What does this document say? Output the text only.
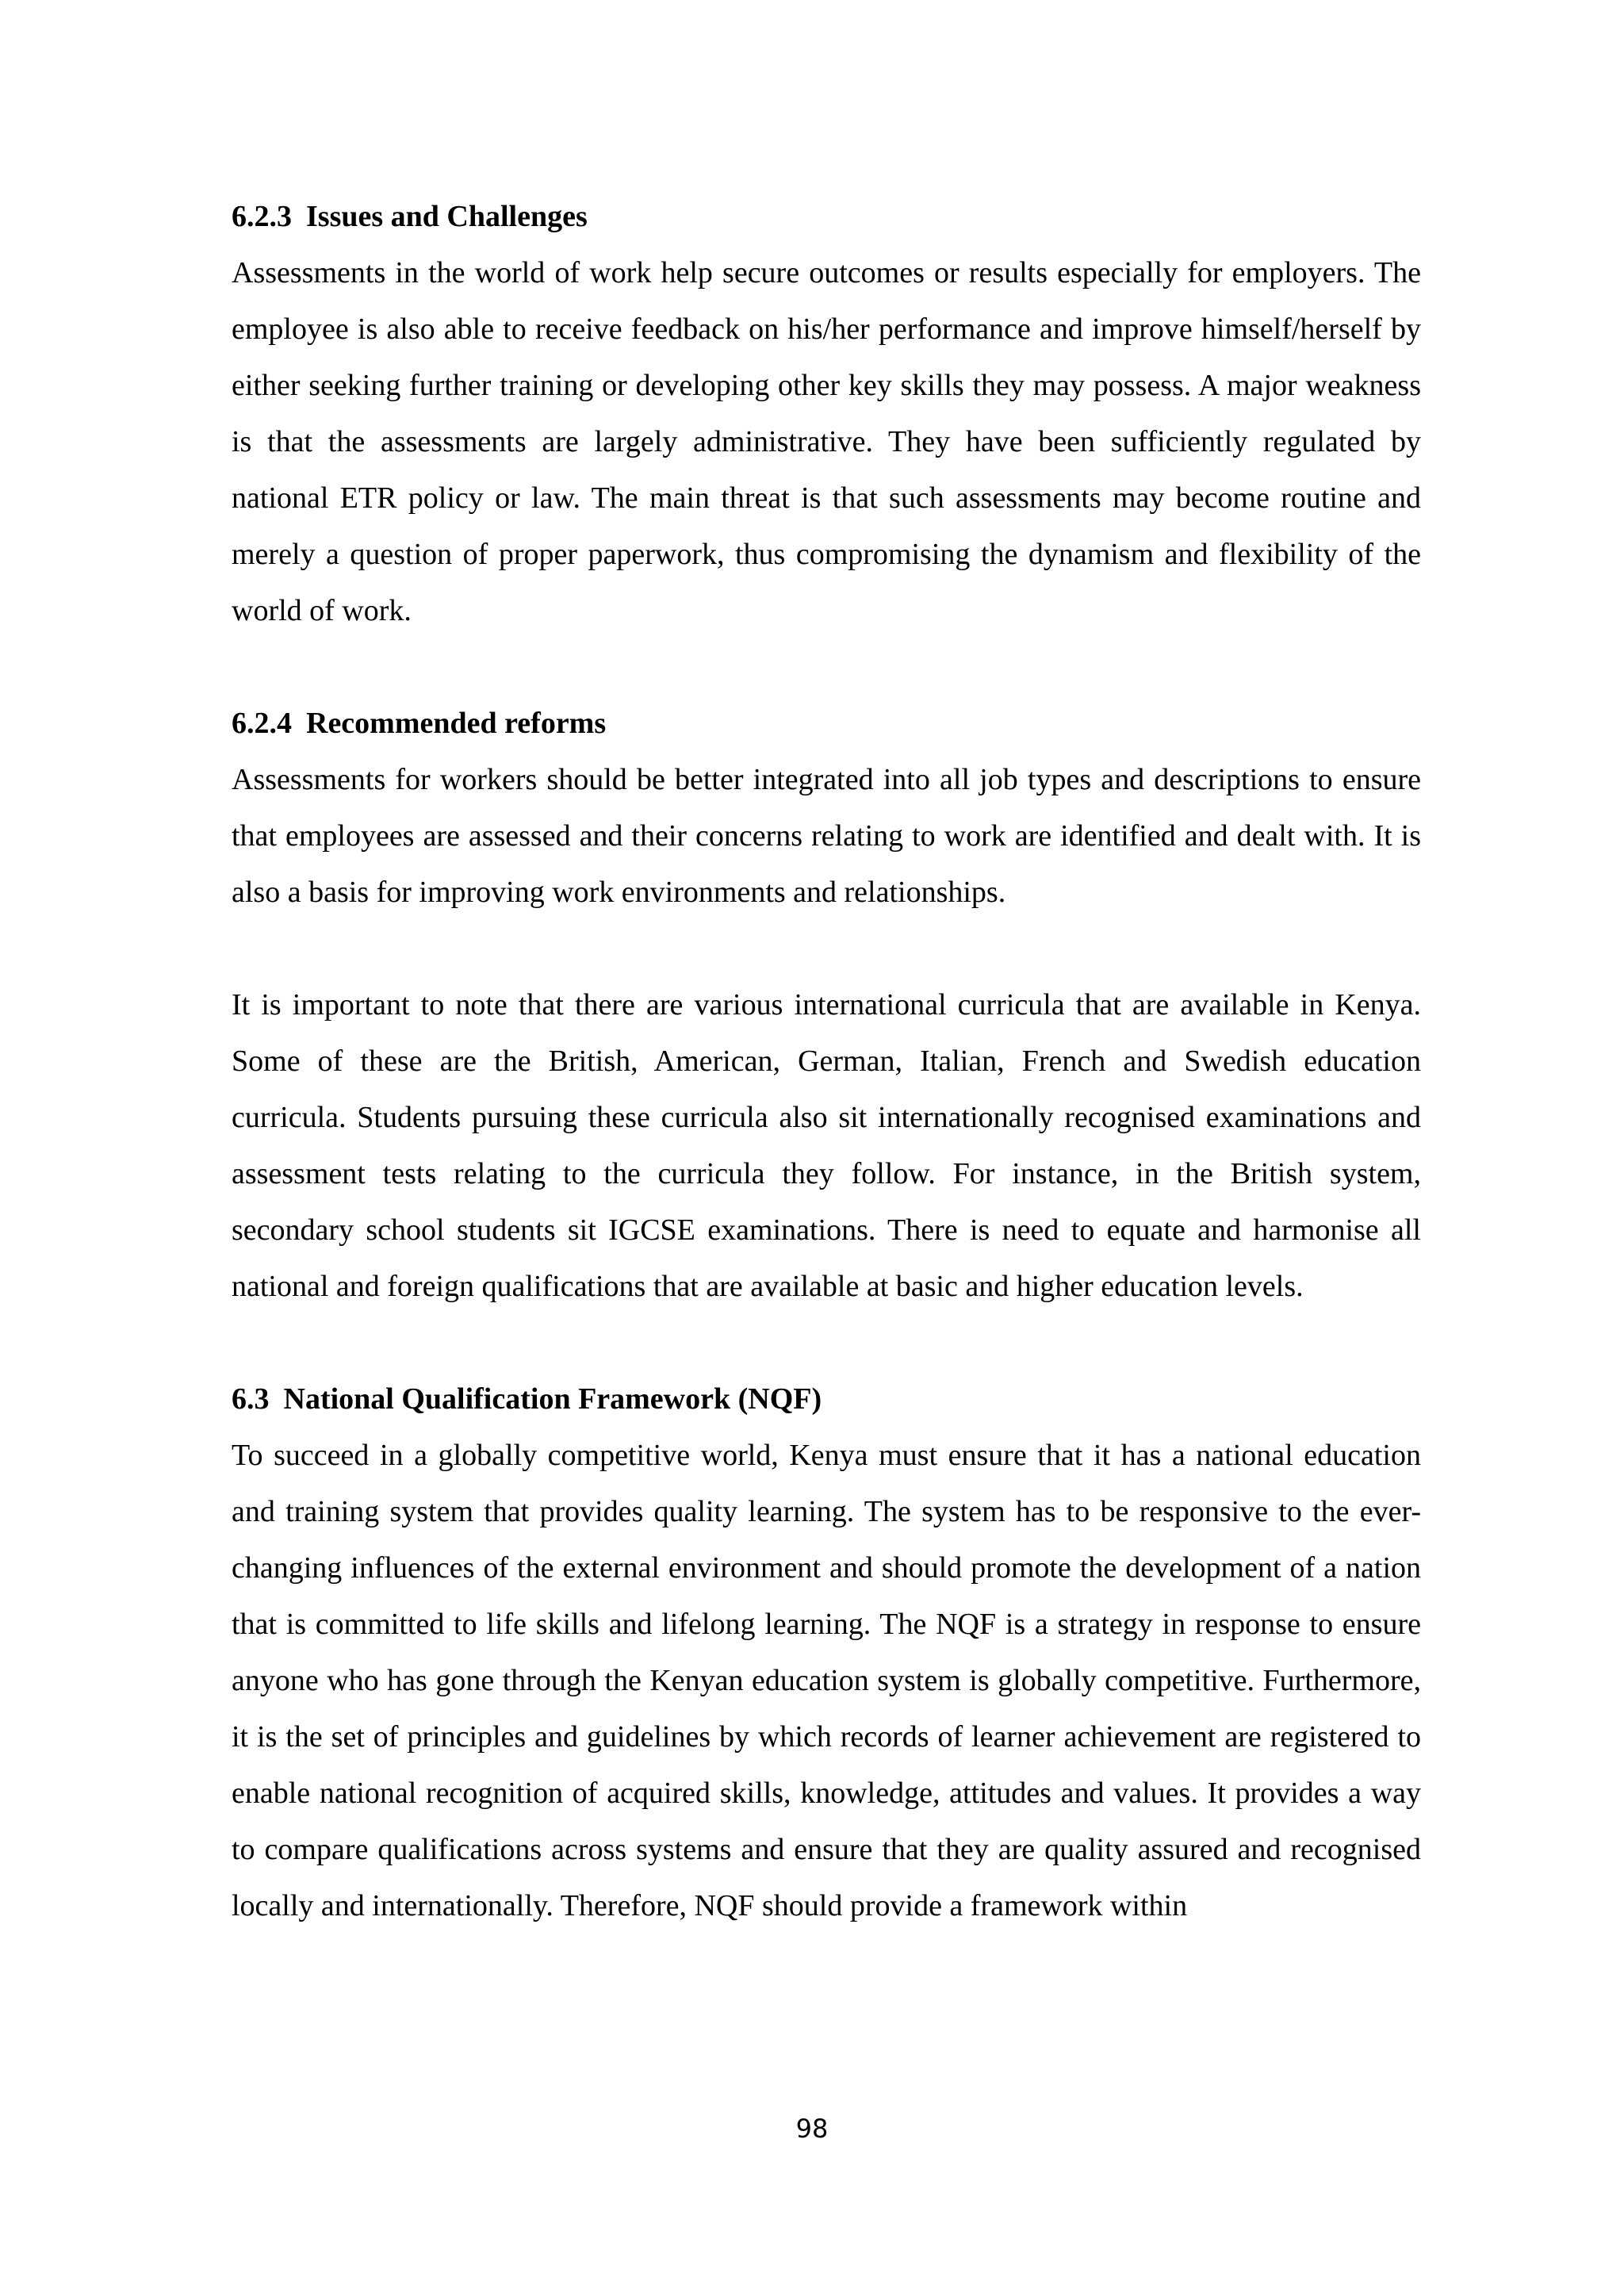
6.2.3 Issues and Challenges

Assessments in the world of work help secure outcomes or results especially for employers. The employee is also able to receive feedback on his/her performance and improve himself/herself by either seeking further training or developing other key skills they may possess. A major weakness is that the assessments are largely administrative. They have been sufficiently regulated by national ETR policy or law. The main threat is that such assessments may become routine and merely a question of proper paperwork, thus compromising the dynamism and flexibility of the world of work.

6.2.4 Recommended reforms

Assessments for workers should be better integrated into all job types and descriptions to ensure that employees are assessed and their concerns relating to work are identified and dealt with. It is also a basis for improving work environments and relationships.

It is important to note that there are various international curricula that are available in Kenya. Some of these are the British, American, German, Italian, French and Swedish education curricula. Students pursuing these curricula also sit internationally recognised examinations and assessment tests relating to the curricula they follow. For instance, in the British system, secondary school students sit IGCSE examinations. There is need to equate and harmonise all national and foreign qualifications that are available at basic and higher education levels.

6.3 National Qualification Framework (NQF)

To succeed in a globally competitive world, Kenya must ensure that it has a national education and training system that provides quality learning. The system has to be responsive to the ever-changing influences of the external environment and should promote the development of a nation that is committed to life skills and lifelong learning. The NQF is a strategy in response to ensure anyone who has gone through the Kenyan education system is globally competitive. Furthermore, it is the set of principles and guidelines by which records of learner achievement are registered to enable national recognition of acquired skills, knowledge, attitudes and values. It provides a way to compare qualifications across systems and ensure that they are quality assured and recognised locally and internationally. Therefore, NQF should provide a framework within

98
